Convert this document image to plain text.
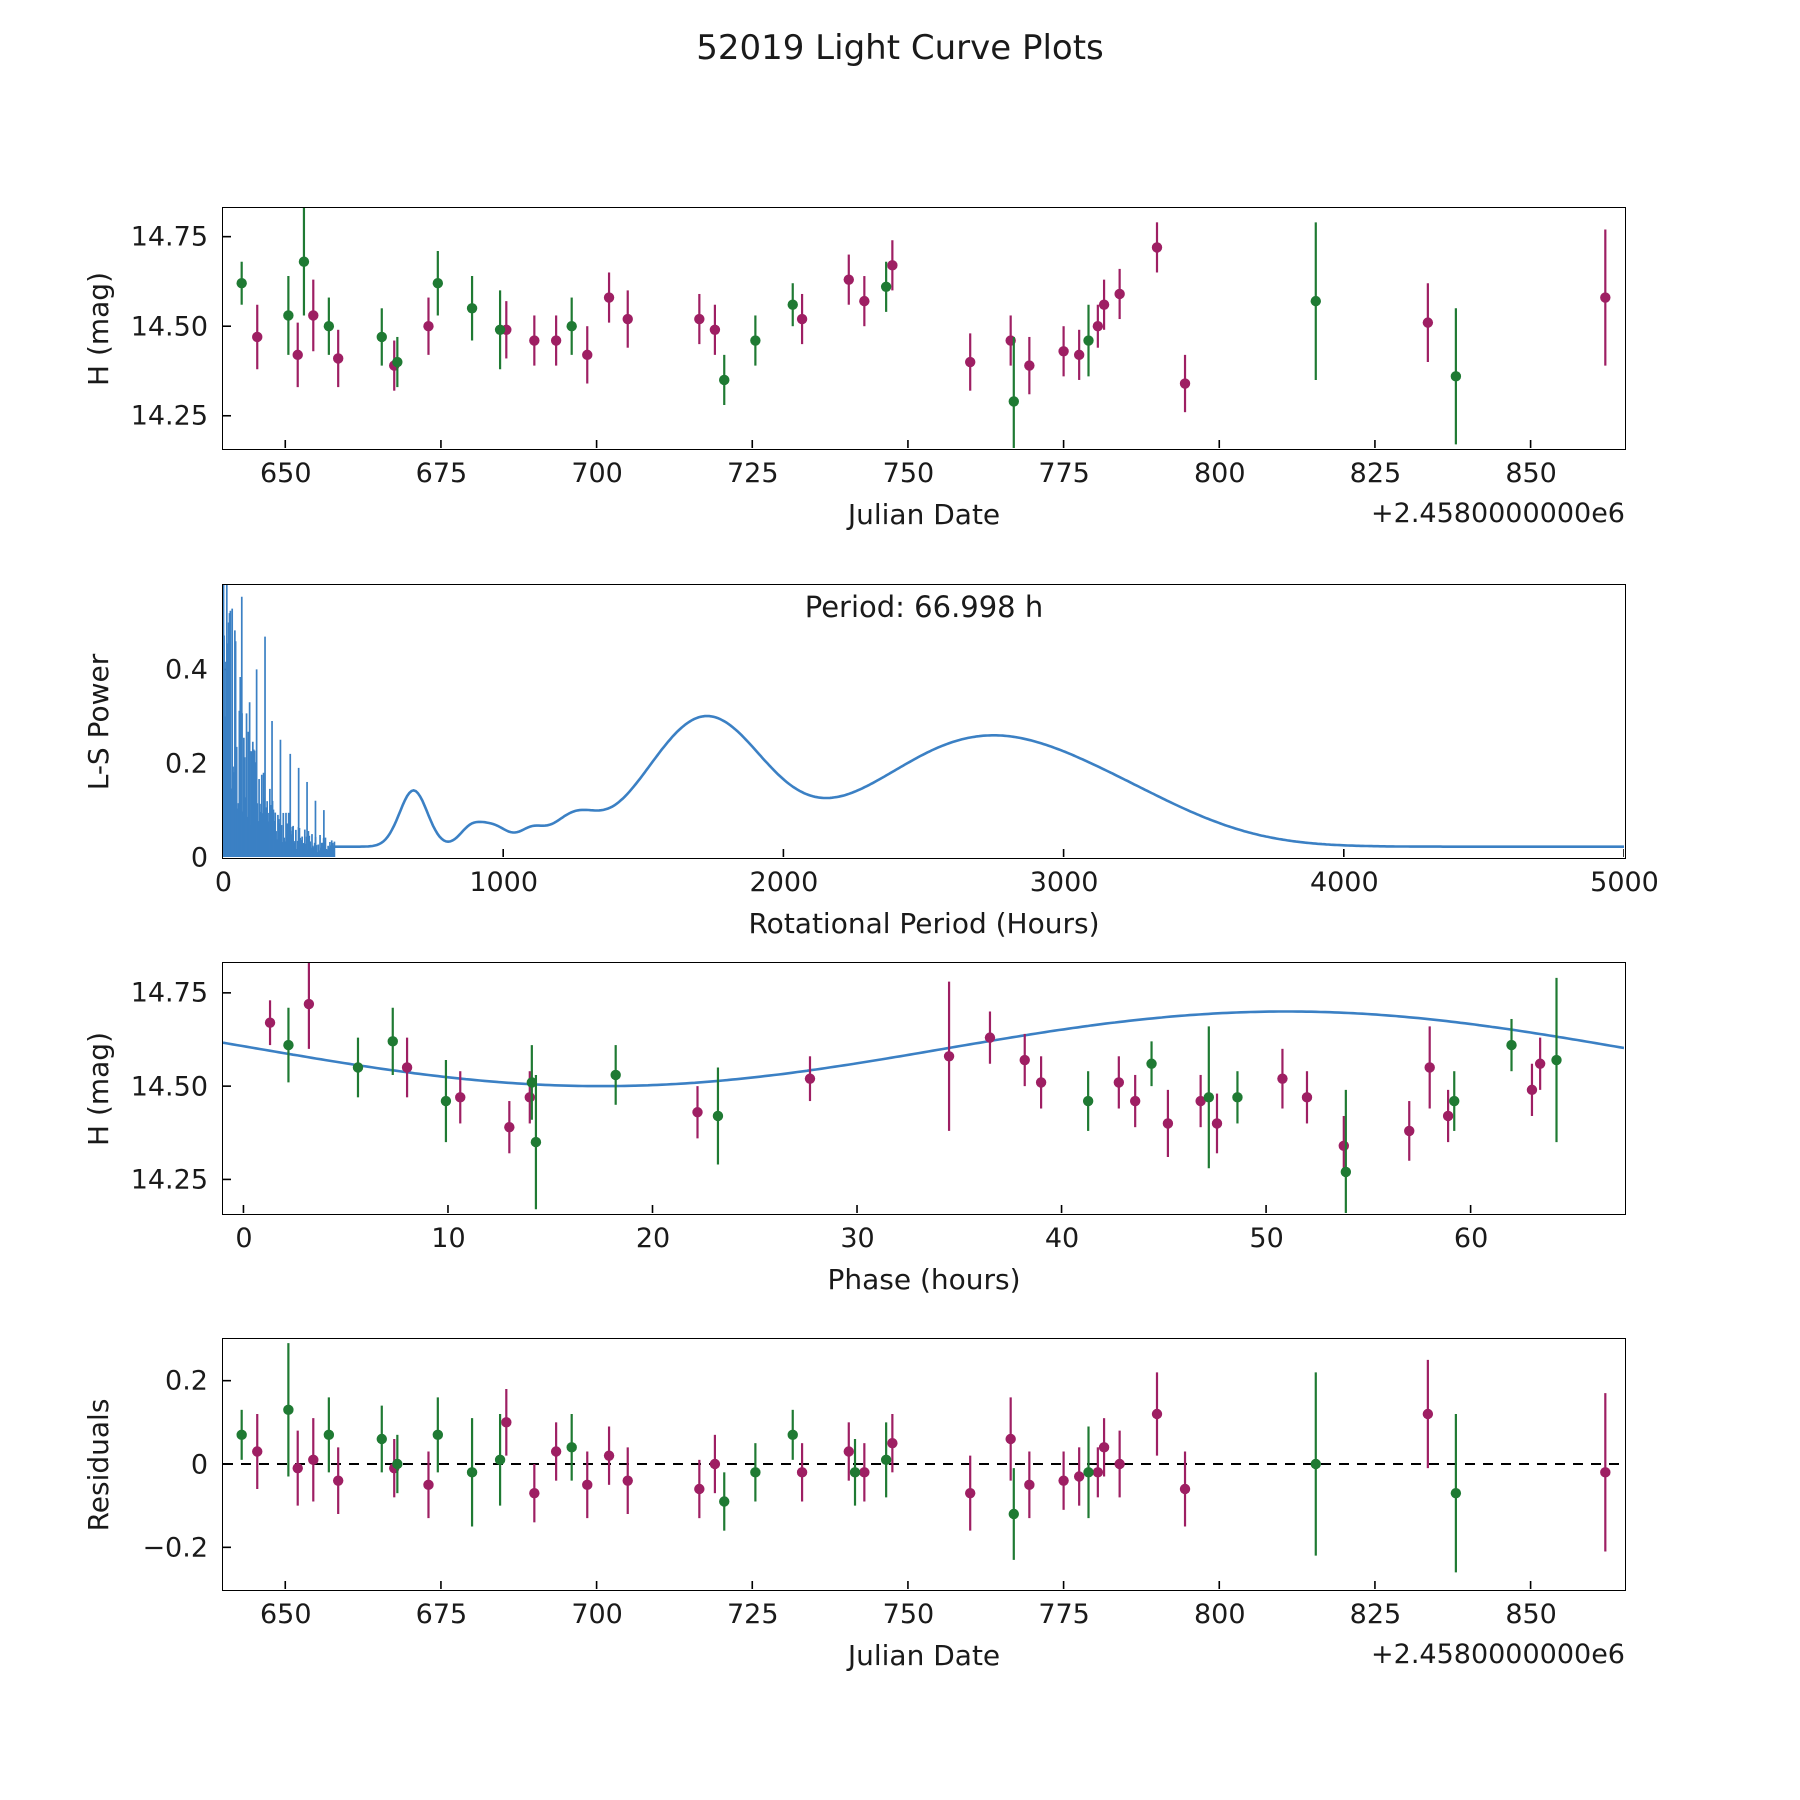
52019 Light Curve Plots
650	675	700	725	750	775	800	825	850
14.25
14.50
14.75
Julian Date
H (mag)
+2.4580000000e6
0	1000	2000	3000	4000	5000
0
0.2
0.4
Rotational Period (Hours)
L-S Power
Period: 66.998 h
0	10	20	30	40	50	60
14.25
14.50
14.75
Phase (hours)
H (mag)
650	675	700	725	750	775	800	825	850
−0.2
0
0.2
Julian Date
Residuals
+2.4580000000e6
